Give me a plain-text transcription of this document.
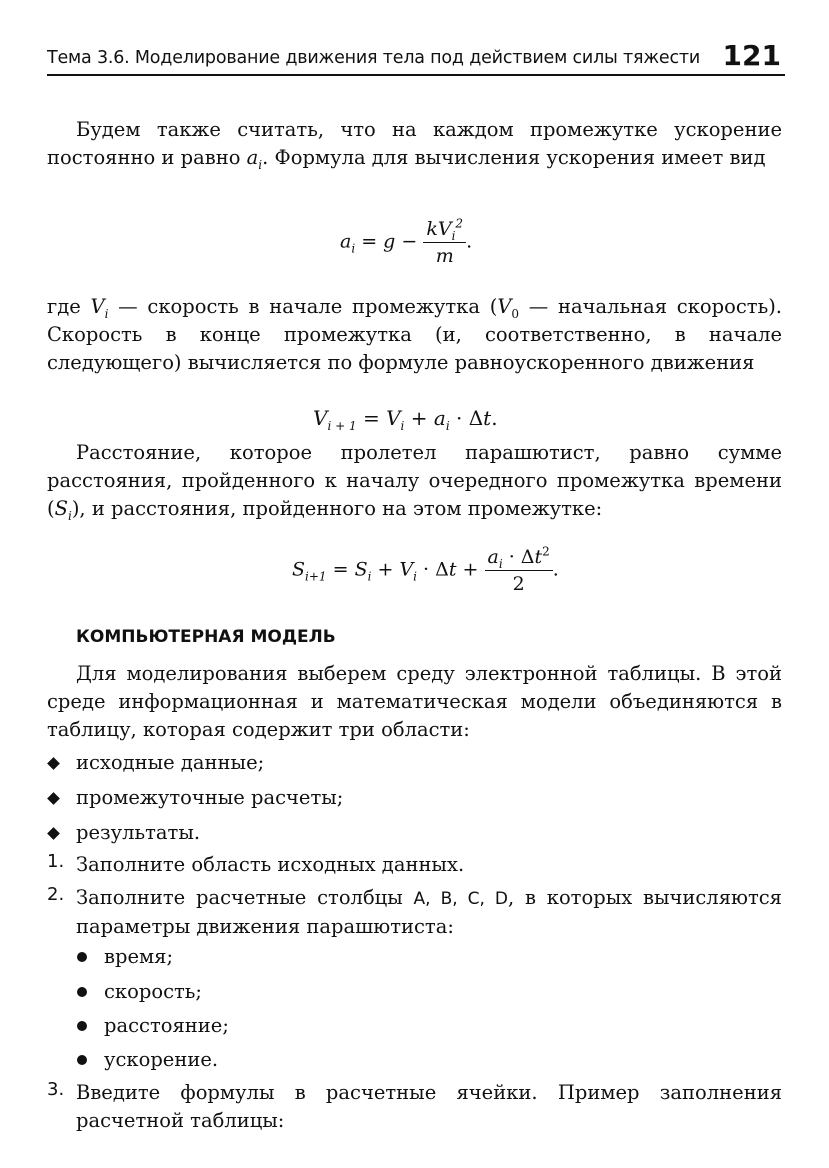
Тема 3.6. Моделирование движения тела под действием силы тяжести 121
Будем также считать, что на каждом промежутке ускорение постоянно и равно $a_i$. Формула для вычисления ускорения имеет вид
$a_i = g - \frac{kV_i^2}{m}$ .
где $V_i$ — скорость в начале промежутка ($V_0$ — начальная скорость). Скорость в конце промежутка (и, соответственно, в начале следующего) вычисляется по формуле равноускоренного движения
$V_{i + 1} = V_i + a_i \cdot \Delta t$.
Расстояние, которое пролетел парашютист, равно сумме расстояния, пройденного к началу очередного промежутка времени $(S_i)$, и расстояния, пройденного на этом промежутке:
$S_{i+1} = S_i + V_i \cdot \Delta t + \frac{a_i \cdot \Delta t^2}{2}$ .
КОМПЬЮТЕРНАЯ МОДЕЛЬ
Для моделирования выберем среду электронной таблицы. В этой среде информационная и математическая модели объединяются в таблицу, которая содержит три области:
исходные данные;
промежуточные расчеты;
результаты.
1. Заполните область исходных данных.
2. Заполните расчетные столбцы A, B, C, D, в которых вычисляются параметры движения парашютиста:
время;
скорость;
расстояние;
ускорение.
3. Введите формулы в расчетные ячейки. Пример заполнения расчетной таблицы:
